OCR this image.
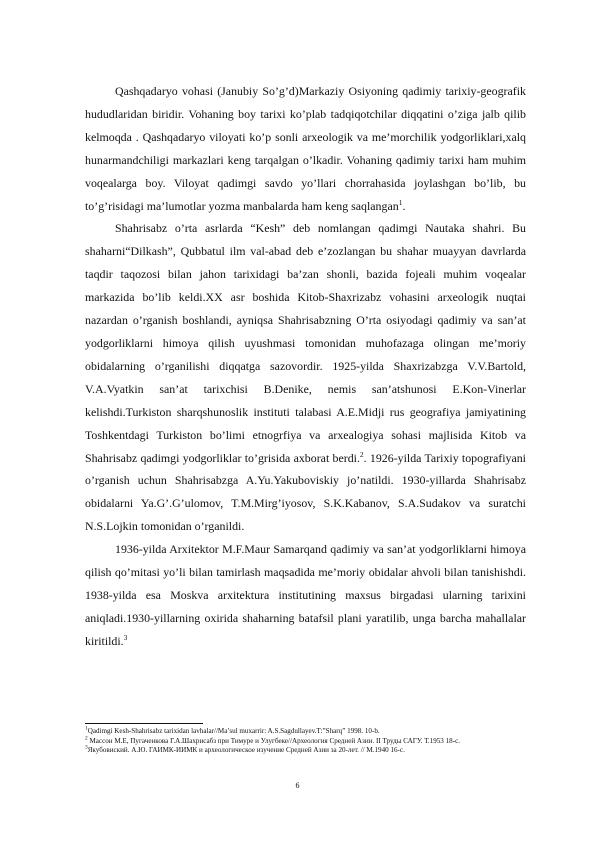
Qashqadaryo vohasi (Janubiy So’g’d)Markaziy Osiyoning qadimiy tarixiy-geografik hududlaridan biridir. Vohaning boy tarixi ko’plab tadqiqotchilar diqqatini o’ziga jalb qilib kelmoqda . Qashqadaryo viloyati ko’p sonli arxeologik va me’morchilik yodgorliklari,xalq hunarmandchiligi markazlari keng tarqalgan o’lkadir. Vohaning qadimiy tarixi ham muhim voqealarga boy. Viloyat qadimgi savdo yo’llari chorrahasida joylashgan bo’lib, bu to’g’risidagi ma’lumotlar yozma manbalarda ham keng saqlangan$^1$.

Shahrisabz o’rta asrlarda “Kesh” deb nomlangan qadimgi Nautaka shahri. Bu shaharni“Dilkash”, Qubbatul ilm val-abad deb e’zozlangan bu shahar muayyan davrlarda taqdir taqozosi bilan jahon tarixidagi ba’zan shonli, bazida fojeali muhim voqealar markazida bo’lib keldi.XX asr boshida Kitob-Shaxrizabz vohasini arxeologik nuqtai nazardan o’rganish boshlandi, ayniqsa Shahrisabzning O’rta osiyodagi qadimiy va san’at yodgorliklarni himoya qilish uyushmasi tomonidan muhofazaga olingan me’moriy obidalarning o’rganilishi diqqatga sazovordir. 1925-yilda Shaxrizabzga V.V.Bartold, V.A.Vyatkin san’at tarixchisi B.Denike, nemis san’atshunosi E.Kon-Vinerlar kelishdi.Turkiston sharqshunoslik instituti talabasi A.E.Midji rus geografiya jamiyatining Toshkentdagi Turkiston bo’limi etnogrfiya va arxealogiya sohasi majlisida Kitob va Shahrisabz qadimgi yodgorliklar to’grisida axborat berdi.$^2$. 1926-yilda Tarixiy topografiyani o’rganish uchun Shahrisabzga A.Yu.Yakuboviskiy jo’natildi. 1930-yillarda Shahrisabz obidalarni Ya.G’.G’ulomov, T.M.Mirg’iyosov, S.K.Kabanov, S.A.Sudakov va suratchi N.S.Lojkin tomonidan o’rganildi.

1936-yilda Arxitektor M.F.Maur Samarqand qadimiy va san’at yodgorliklarni himoya qilish qo’mitasi yo’li bilan tamirlash maqsadida me’moriy obidalar ahvoli bilan tanishishdi. 1938-yilda esa Moskva arxitektura institutining maxsus birgadasi ularning tarixini aniqladi.1930-yillarning oxirida shaharning batafsil plani yaratilib, unga barcha mahallalar kiritildi.$^3$

$^1$Qadimgi Kesh-Shahrisabz tarixidan lavhalar//Ma’sul muxarrir: A.S.Sagdullayev.T:”Sharq” 1998. 10-b.

$^2$ Массон М.Е, Пугаченкова Г.А.Шахрисабз при Тимуре и Улугбеке//Археология Средней Азии. II Труды САГУ. Т.1953 18-с.

$^3$Якубовиский. А.Ю. ГАИМК-ИИМК и археологическое изучение Средней Азии за 20-лет. // М.1940 16-с.

6
